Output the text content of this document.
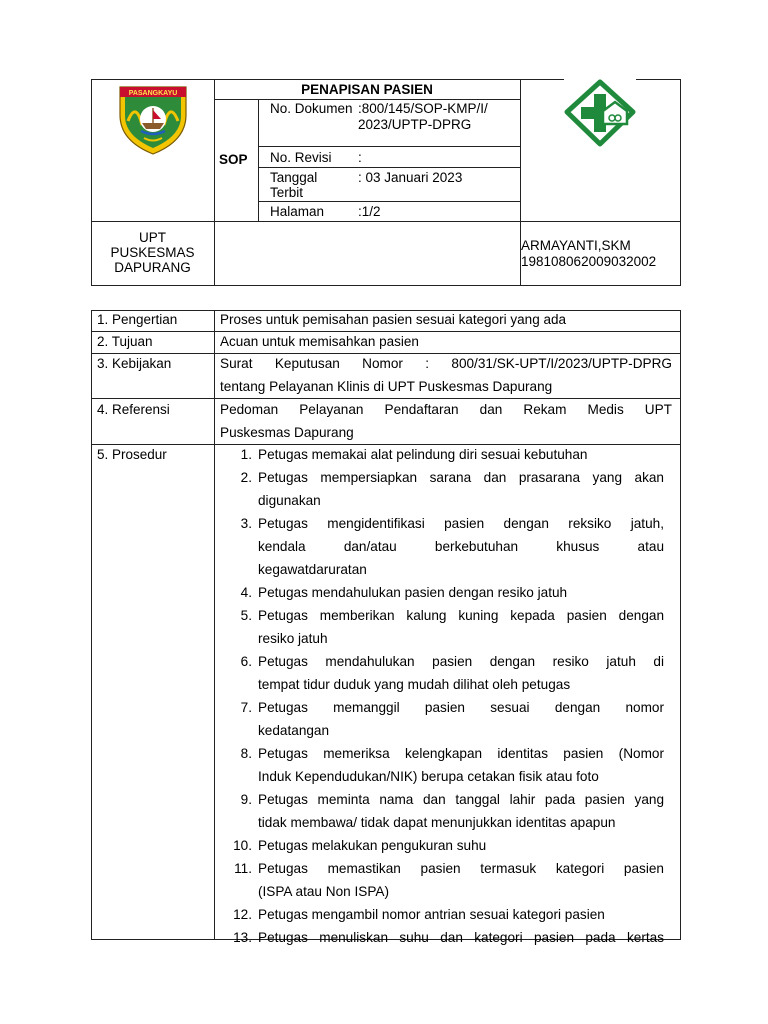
PASANGKAYU	PENAPISAN PASIEN
SOP
No. Dokumen :800/145/SOP-KMP/I/
2023/UPTP-DPRG
No. Revisi :
Tanggal
Terbit
: 03 Januari 2023
Halaman	:1/2
UPT
PUSKESMAS
DAPURANG
ARMAYANTI,SKM
198108062009032002
1. Pengertian
2. Tujuan
3. Kebijakan
4. Referensi
5. Prosedur
Proses untuk pemisahan pasien sesuai kategori yang ada
Acuan untuk memisahkan pasien
Surat  Keputusan  Nomor  :  800/31/SK-UPT/I/2023/UPTP-DPRG
tentang Pelayanan Klinis di UPT Puskesmas Dapurang
Pedoman   Pelayanan   Pendaftaran   dan   Rekam   Medis   UPT
Puskesmas Dapurang
1. Petugas memakai alat pelindung diri sesuai kebutuhan
2. Petugas mempersiapkan sarana dan prasarana yang akan
digunakan
3. Petugas mengidentifikasi pasien dengan reksiko jatuh,
kendala dan/atau berkebutuhan khusus atau
kegawatdaruratan
4. Petugas mendahulukan pasien dengan resiko jatuh
5. Petugas memberikan kalung kuning kepada pasien dengan
resiko jatuh
6. Petugas mendahulukan pasien dengan resiko jatuh di
tempat tidur duduk yang mudah dilihat oleh petugas
7. Petugas memanggil pasien sesuai dengan nomor
kedatangan
8. Petugas memeriksa kelengkapan identitas pasien (Nomor
Induk Kependudukan/NIK) berupa cetakan fisik atau foto
9. Petugas meminta nama dan tanggal lahir pada pasien yang
tidak membawa/ tidak dapat menunjukkan identitas apapun
10. Petugas melakukan pengukuran suhu
11. Petugas memastikan pasien termasuk kategori pasien
(ISPA atau Non ISPA)
12. Petugas mengambil nomor antrian sesuai kategori pasien
13. Petugas menuliskan suhu dan kategori pasien pada kertas
